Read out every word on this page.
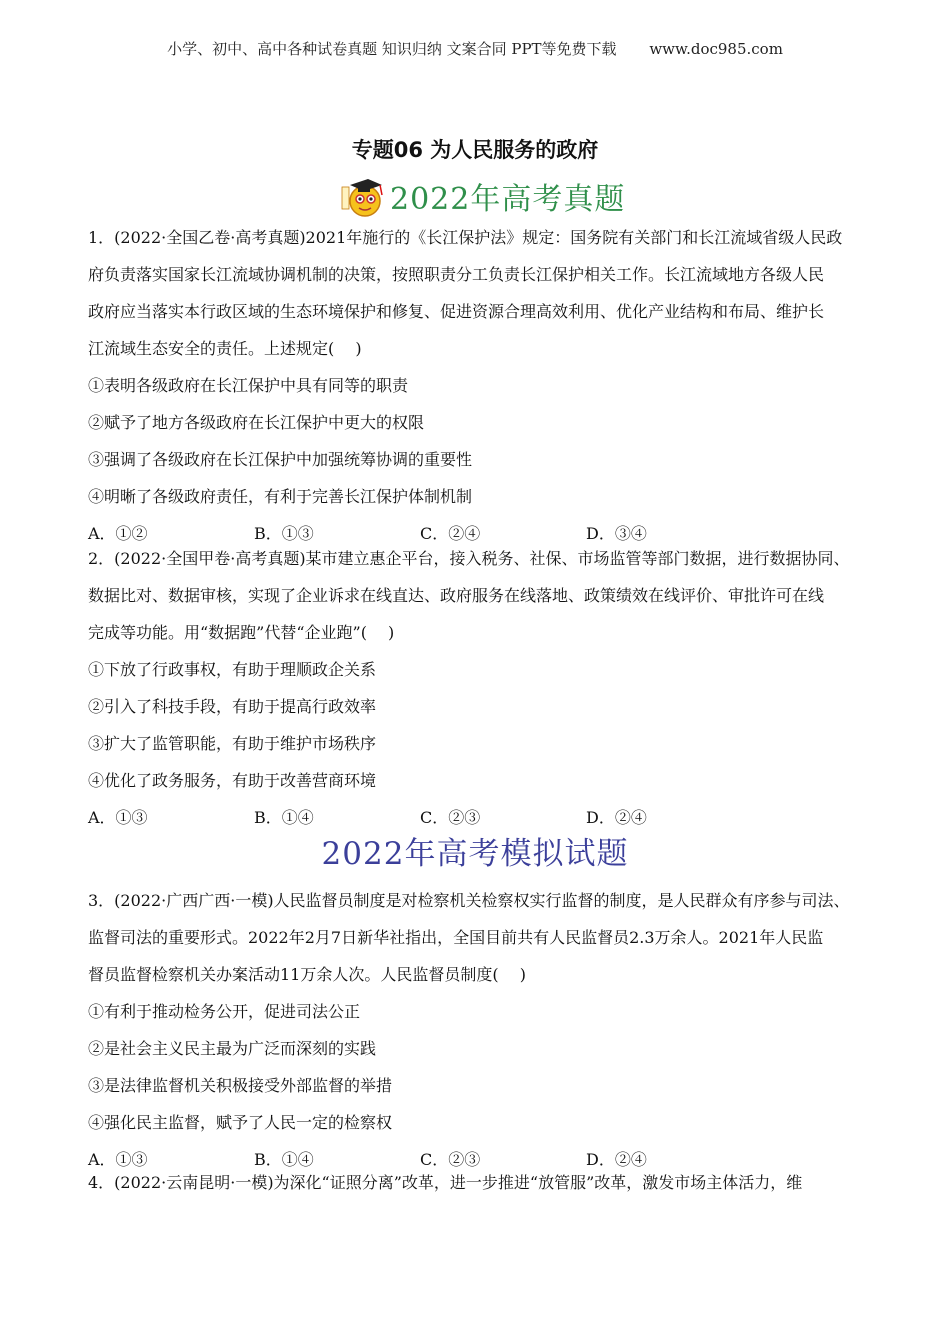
小学、初中、高中各种试卷真题 知识归纳 文案合同 PPT等免费下载 www.doc985.com
专题06 为人民服务的政府
2022年高考真题

1．(2022·全国乙卷·高考真题)2021年施行的《长江保护法》规定：国务院有关部门和长江流域省级人民政

府负责落实国家长江流域协调机制的决策，按照职责分工负责长江保护相关工作。长江流域地方各级人民

政府应当落实本行政区域的生态环境保护和修复、促进资源合理高效利用、优化产业结构和布局、维护长

江流域生态安全的责任。上述规定(　 )

①表明各级政府在长江保护中具有同等的职责

②赋予了地方各级政府在长江保护中更大的权限

③强调了各级政府在长江保护中加强统筹协调的重要性

④明晰了各级政府责任，有利于完善长江保护体制机制

A．①②	B．①③	C．②④	D．③④

2．(2022·全国甲卷·高考真题)某市建立惠企平台，接入税务、社保、市场监管等部门数据，进行数据协同、

数据比对、数据审核，实现了企业诉求在线直达、政府服务在线落地、政策绩效在线评价、审批许可在线

完成等功能。用“数据跑”代替“企业跑”(　 )

①下放了行政事权，有助于理顺政企关系

②引入了科技手段，有助于提高行政效率

③扩大了监管职能，有助于维护市场秩序

④优化了政务服务，有助于改善营商环境

A．①③	B．①④	C．②③	D．②④
2022年高考模拟试题

3．(2022·广西广西·一模)人民监督员制度是对检察机关检察权实行监督的制度，是人民群众有序参与司法、

监督司法的重要形式。2022年2月7日新华社指出，全国目前共有人民监督员2.3万余人。2021年人民监

督员监督检察机关办案活动11万余人次。人民监督员制度(　 )

①有利于推动检务公开，促进司法公正

②是社会主义民主最为广泛而深刻的实践

③是法律监督机关积极接受外部监督的举措

④强化民主监督，赋予了人民一定的检察权

A．①③	B．①④	C．②③	D．②④

4．(2022·云南昆明·一模)为深化“证照分离”改革，进一步推进“放管服”改革，激发市场主体活力，维
